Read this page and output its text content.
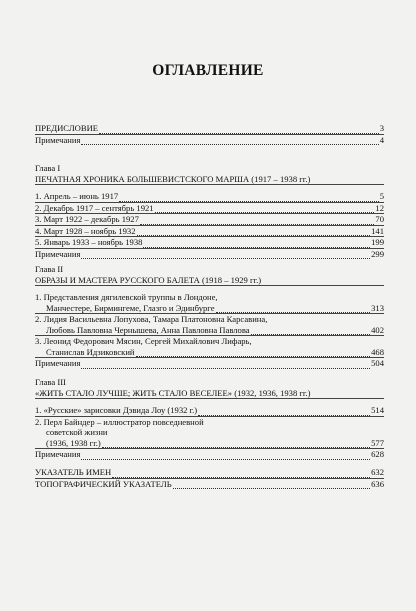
ОГЛАВЛЕНИЕ
ПРЕДИСЛОВИЕ	3
Примечания	4
Глава I
ПЕЧАТНАЯ ХРОНИКА БОЛЬШЕВИСТСКОГО МАРША (1917 – 1938 гг.)
1. Апрель – июнь 1917	5
2. Декабрь 1917 – сентябрь 1921	12
3. Март 1922 – декабрь 1927	70
4. Март 1928 – ноябрь 1932	141
5. Январь 1933 – ноябрь 1938	199
Примечания	299
Глава II
ОБРАЗЫ И МАСТЕРА РУССКОГО БАЛЕТА (1918 – 1929 гг.)
1. Представления дягилевской труппы в Лондоне,
Манчестере, Бирмингеме, Глазго и Эдинбурге	313
2. Лидия Васильевна Лопухова, Тамара Платоновна Карсавина,
Любовь Павловна Чернышева, Анна Павловна Павлова	402
3. Леонид Федорович Мясин, Сергей Михайлович Лифарь,
Станислав Идзиковский	468
Примечания	504
Глава III
«ЖИТЬ СТАЛО ЛУЧШЕ; ЖИТЬ СТАЛО ВЕСЕЛЕЕ» (1932, 1936, 1938 гг.)
1. «Русские» зарисовки Дэвида Лоу (1932 г.)	514
2. Перл Байндер – иллюстратор повседневной
советской жизни
(1936, 1938 гг.)	577
Примечания	628
УКАЗАТЕЛЬ ИМЕН	632
ТОПОГРАФИЧЕСКИЙ УКАЗАТЕЛЬ	636
